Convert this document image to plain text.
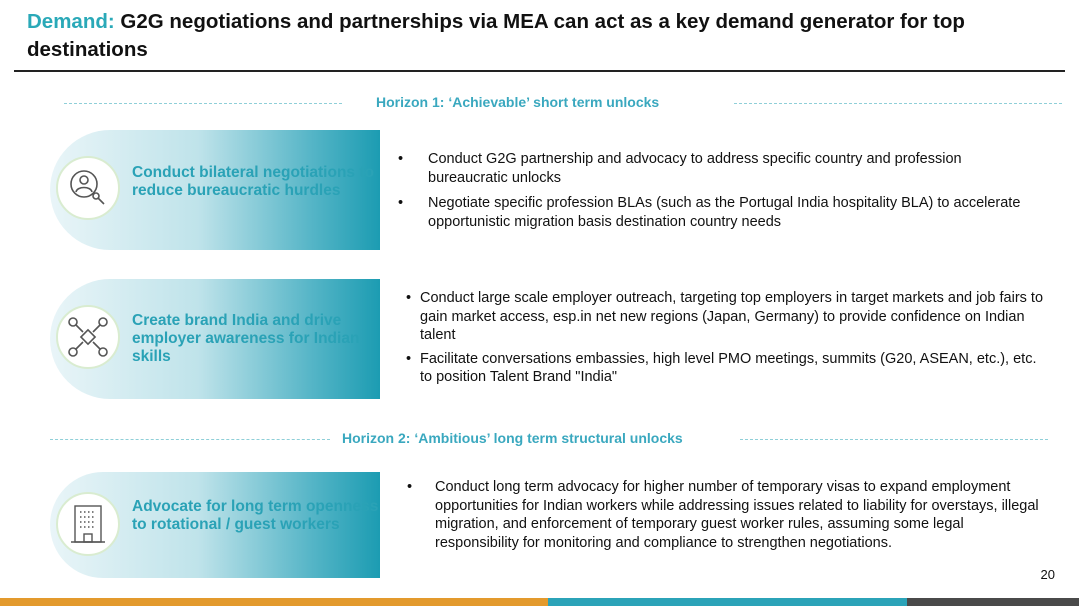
Demand: G2G negotiations and partnerships via MEA can act as a key demand generator for top destinations
Horizon 1: ‘Achievable’ short term unlocks
Conduct bilateral negotiations to reduce bureaucratic hurdles
• Conduct G2G partnership and advocacy to address specific country and profession bureaucratic unlocks
• Negotiate specific profession BLAs (such as the Portugal India hospitality BLA) to accelerate opportunistic migration basis destination country needs
Create brand India and drive employer awareness for Indian skills
• Conduct large scale employer outreach, targeting top employers in target markets and job fairs to gain market access, esp.in net new regions (Japan, Germany) to provide confidence on Indian talent
• Facilitate conversations embassies, high level PMO meetings, summits (G20, ASEAN, etc.), etc. to position Talent Brand "India"
Horizon 2: ‘Ambitious’ long term structural unlocks
Advocate for long term openness to rotational / guest workers
• Conduct long term advocacy for higher number of temporary visas to expand employment opportunities for Indian workers while addressing issues related to liability for overstays, illegal migration, and enforcement of temporary guest worker rules, assuming some legal responsibility for monitoring and compliance to strengthen negotiations.
20
